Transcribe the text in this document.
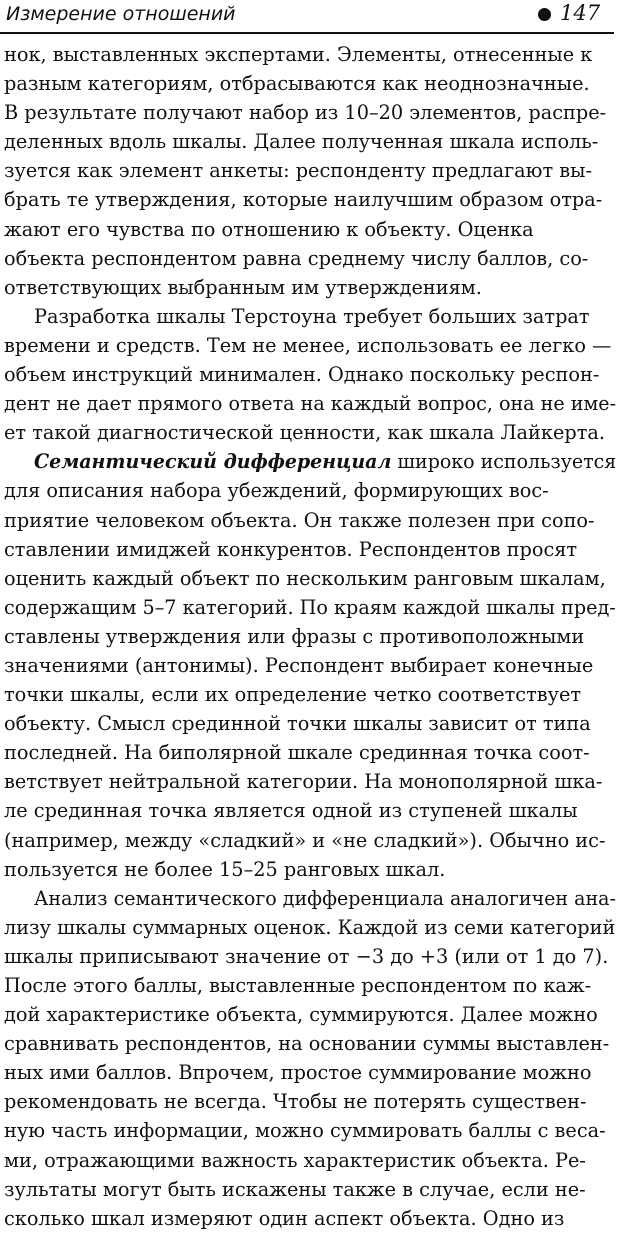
Измерение отношений	147
нок, выставленных экспертами. Элементы, отнесенные к
разным категориям, отбрасываются как неоднозначные.
В результате получают набор из 10–20 элементов, распре-
деленных вдоль шкалы. Далее полученная шкала исполь-
зуется как элемент анкеты: респонденту предлагают вы-
брать те утверждения, которые наилучшим образом отра-
жают его чувства по отношению к объекту. Оценка
объекта респондентом равна среднему числу баллов, со-
ответствующих выбранным им утверждениям.
Разработка шкалы Терстоуна требует больших затрат
времени и средств. Тем не менее, использовать ее легко —
объем инструкций минимален. Однако поскольку респон-
дент не дает прямого ответа на каждый вопрос, она не име-
ет такой диагностической ценности, как шкала Лайкерта.
Семантический дифференциал широко используется
для описания набора убеждений, формирующих вос-
приятие человеком объекта. Он также полезен при сопо-
ставлении имиджей конкурентов. Респондентов просят
оценить каждый объект по нескольким ранговым шкалам,
содержащим 5–7 категорий. По краям каждой шкалы пред-
ставлены утверждения или фразы с противоположными
значениями (антонимы). Респондент выбирает конечные
точки шкалы, если их определение четко соответствует
объекту. Смысл срединной точки шкалы зависит от типа
последней. На биполярной шкале срединная точка соот-
ветствует нейтральной категории. На монополярной шка-
ле срединная точка является одной из ступеней шкалы
(например, между «сладкий» и «не сладкий»). Обычно ис-
пользуется не более 15–25 ранговых шкал.
Анализ семантического дифференциала аналогичен ана-
лизу шкалы суммарных оценок. Каждой из семи категорий
шкалы приписывают значение от −3 до +3 (или от 1 до 7).
После этого баллы, выставленные респондентом по каж-
дой характеристике объекта, суммируются. Далее можно
сравнивать респондентов, на основании суммы выставлен-
ных ими баллов. Впрочем, простое суммирование можно
рекомендовать не всегда. Чтобы не потерять существен-
ную часть информации, можно суммировать баллы с веса-
ми, отражающими важность характеристик объекта. Ре-
зультаты могут быть искажены также в случае, если не-
сколько шкал измеряют один аспект объекта. Одно из
